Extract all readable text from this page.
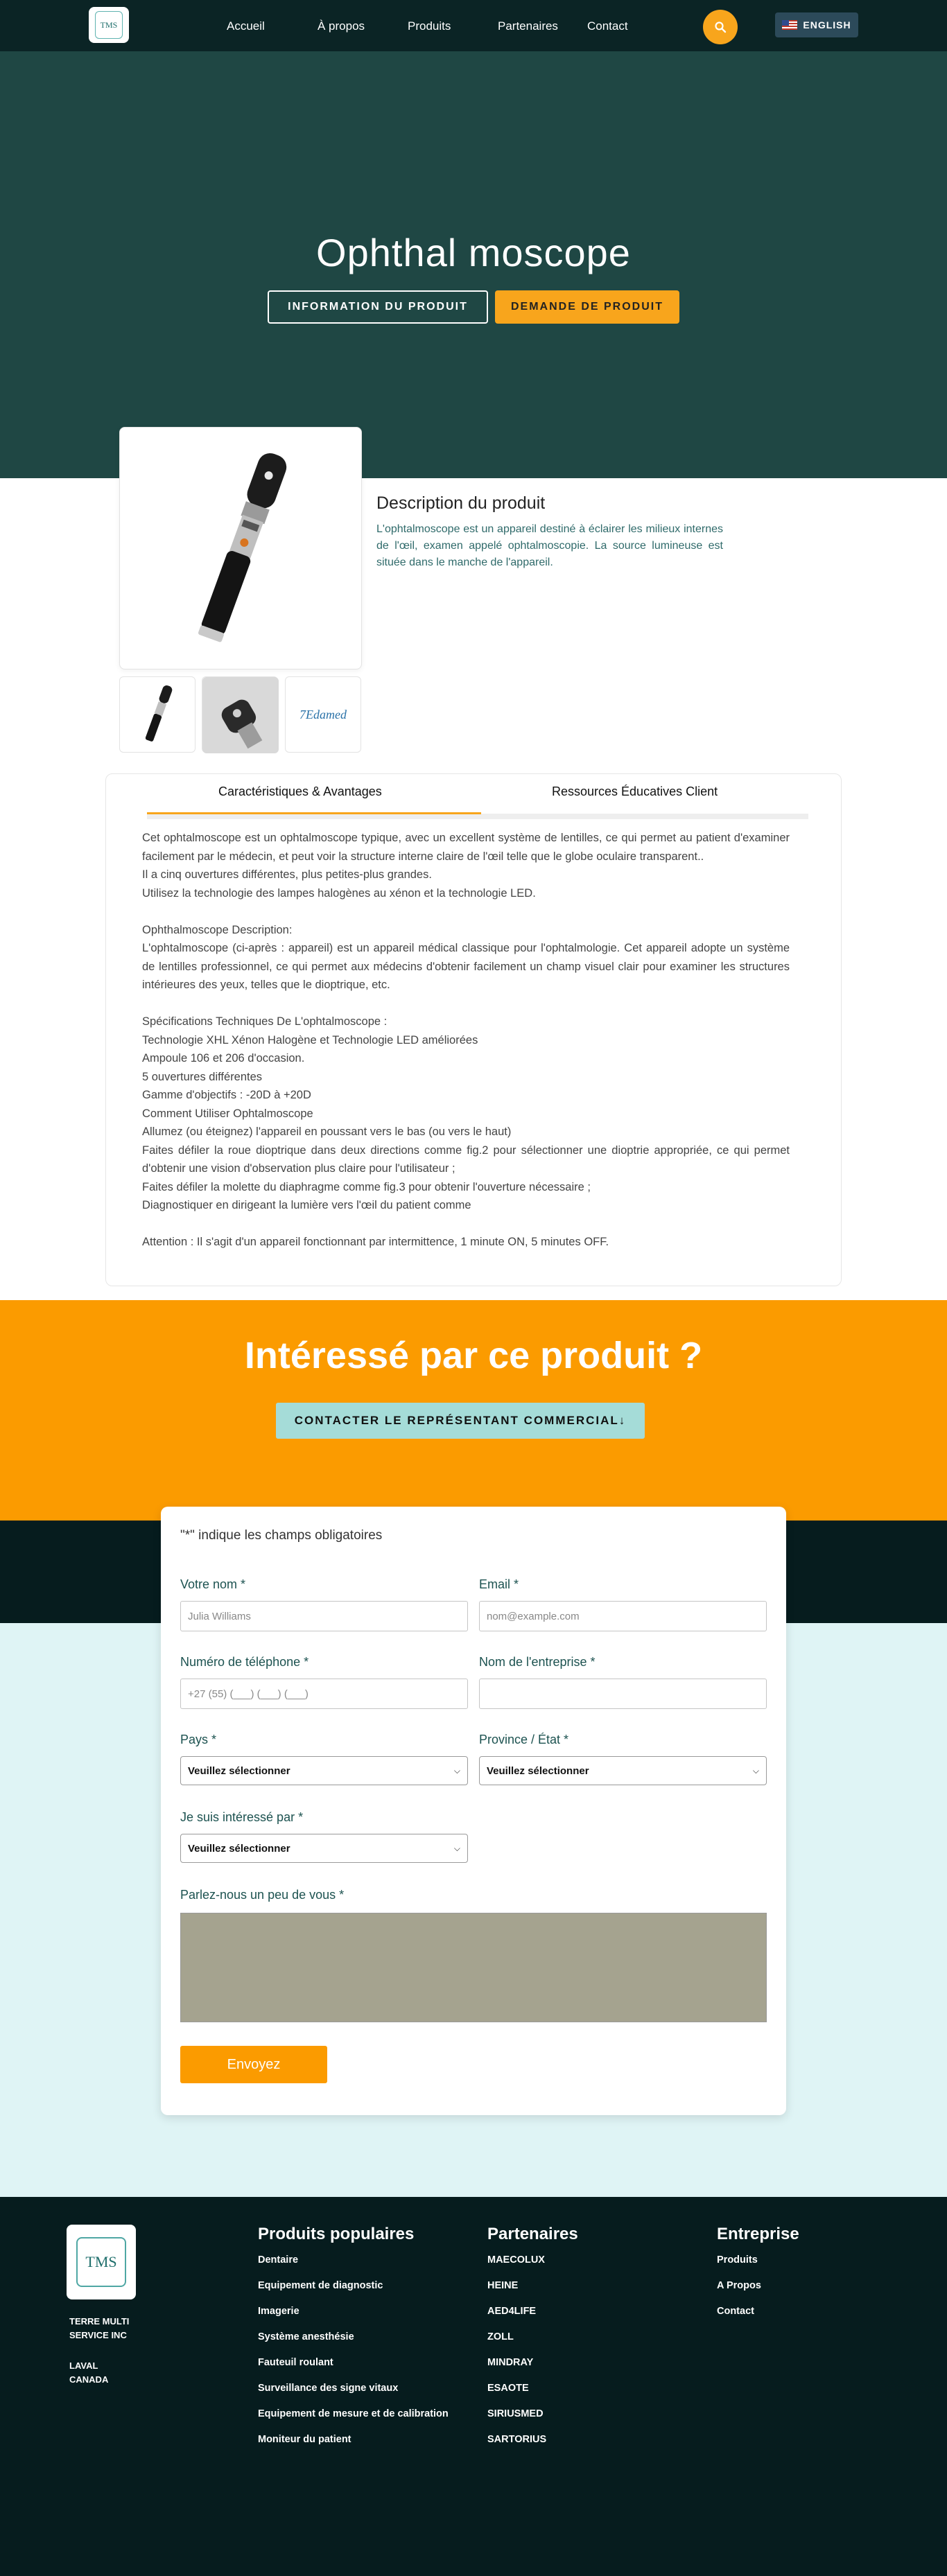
TMS	Accueil	À propos	Produits	Partenaires Contact	ENGLISH
Ophthal moscope
INFORMATION DU PRODUIT	DEMANDE DE PRODUIT
7Edamed
Description du produit
L'ophtalmoscope est un appareil destiné à éclairer les milieux internes de l'œil, examen appelé ophtalmoscopie. La source lumineuse est située dans le manche de l'appareil.
Caractéristiques & Avantages	Ressources Éducatives Client

Cet ophtalmoscope est un ophtalmoscope typique, avec un excellent système de lentilles, ce qui permet au patient d'examiner facilement par le médecin, et peut voir la structure interne claire de l'œil telle que le globe oculaire transparent..

Il a cinq ouvertures différentes, plus petites-plus grandes.

Utilisez la technologie des lampes halogènes au xénon et la technologie LED.

Ophthalmoscope Description:

L'ophtalmoscope (ci-après : appareil) est un appareil médical classique pour l'ophtalmologie. Cet appareil adopte un système de lentilles professionnel, ce qui permet aux médecins d'obtenir facilement un champ visuel clair pour examiner les structures intérieures des yeux, telles que le dioptrique, etc.

Spécifications Techniques De L'ophtalmoscope :

Technologie XHL Xénon Halogène et Technologie LED améliorées

Ampoule 106 et 206 d'occasion.

5 ouvertures différentes

Gamme d'objectifs : -20D à +20D

Comment Utiliser Ophtalmoscope

Allumez (ou éteignez) l'appareil en poussant vers le bas (ou vers le haut)

Faites défiler la roue dioptrique dans deux directions comme fig.2 pour sélectionner une dioptrie appropriée, ce qui permet d'obtenir une vision d'observation plus claire pour l'utilisateur ;

Faites défiler la molette du diaphragme comme fig.3 pour obtenir l'ouverture nécessaire ;

Diagnostiquer en dirigeant la lumière vers l'œil du patient comme

Attention : Il s'agit d'un appareil fonctionnant par intermittence, 1 minute ON, 5 minutes OFF.

Intéressé par ce produit ?
CONTACTER LE REPRÉSENTANT COMMERCIAL↓
"*" indique les champs obligatoires
Votre nom *
Julia Williams
Email *
nom@example.com
Numéro de téléphone *
+27 (55) (___) (___) (___)
Nom de l'entreprise *
Pays *
Veuillez sélectionner	⌵
Province / État *
Veuillez sélectionner	⌵
Je suis intéressé par *
Veuillez sélectionner	⌵
Parlez-nous un peu de vous *
Envoyez
TMS
TERRE MULTI
SERVICE INC
LAVAL
CANADA
Produits populaires
Dentaire
Equipement de diagnostic
Imagerie
Système anesthésie
Fauteuil roulant
Surveillance des signe vitaux
Equipement de mesure et de calibration
Moniteur du patient
Partenaires
MAECOLUX
HEINE
AED4LIFE
ZOLL
MINDRAY
ESAOTE
SIRIUSMED
SARTORIUS
Entreprise
Produits
A Propos
Contact
